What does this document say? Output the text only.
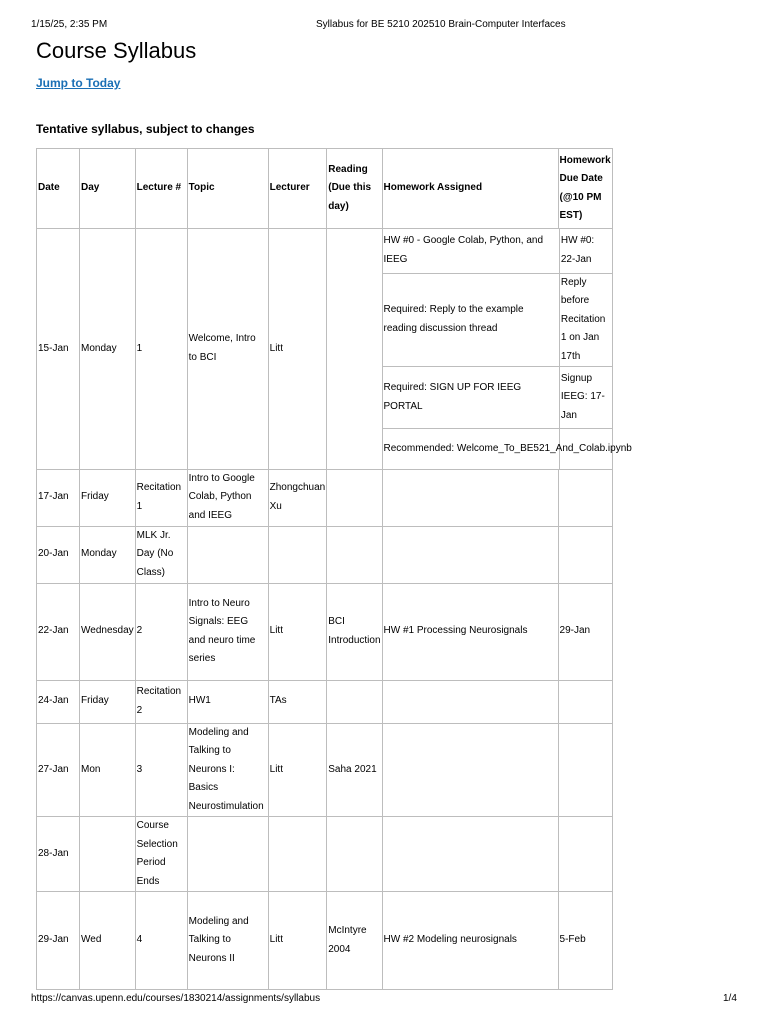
1/15/25, 2:35 PM	Syllabus for BE 5210 202510 Brain-Computer Interfaces
Course Syllabus
Jump to Today
Tentative syllabus, subject to changes
Date	Day	Lecture #	Topic	Lecturer	Reading (Due this day)	Homework Assigned	Homework Due Date (@10 PM EST)
15-Jan	Monday	1	Welcome, Intro to BCI	Litt		
HW #0 - Google Colab, Python, and IEEG	HW #0: 22-Jan
Required: Reply to the example reading discussion thread	Reply before Recitation 1 on Jan 17th
Required: SIGN UP FOR IEEG PORTAL	Signup IEEG: 17-Jan
Recommended: Welcome_To_BE521_And_Colab.ipynb	

17-Jan	Friday	Recitation 1	Intro to Google Colab, Python and IEEG	Zhongchuan Xu			
20-Jan	Monday	MLK Jr. Day (No Class)					
22-Jan	Wednesday	2	Intro to Neuro Signals: EEG and neuro time series	Litt	BCI Introduction	HW #1 Processing Neurosignals	29-Jan
24-Jan	Friday	Recitation 2	HW1	TAs			
27-Jan	Mon	3	Modeling and Talking to Neurons I: Basics Neurostimulation	Litt	Saha 2021		
28-Jan		Course Selection Period Ends					
29-Jan	Wed	4	Modeling and Talking to Neurons II	Litt	McIntyre 2004	HW #2 Modeling neurosignals	5-Feb
https://canvas.upenn.edu/courses/1830214/assignments/syllabus	1/4
